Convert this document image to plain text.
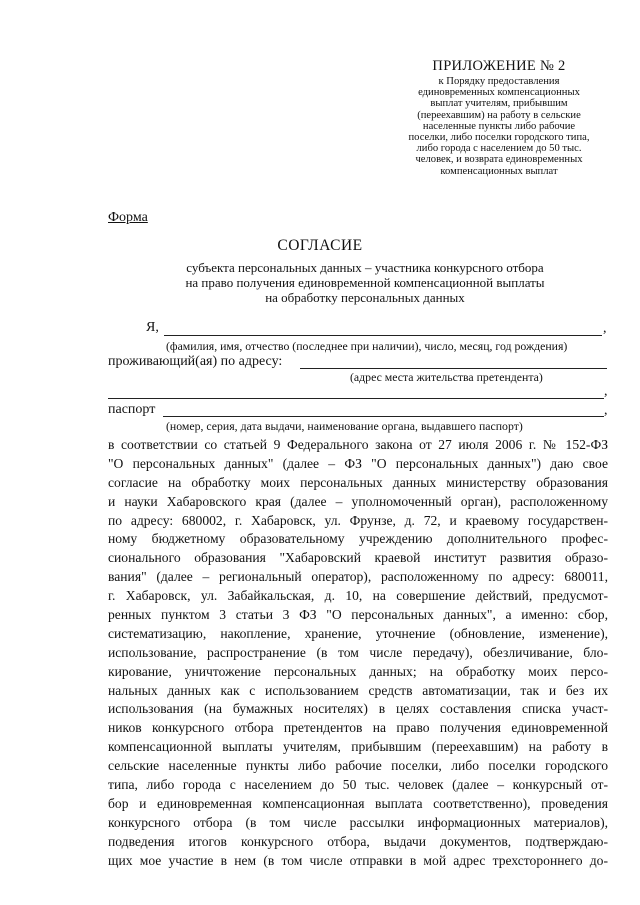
ПРИЛОЖЕНИЕ № 2
к Порядку предоставления
единовременных компенсационных
выплат учителям, прибывшим
(переехавшим) на работу в сельские
населенные пункты либо рабочие
поселки, либо поселки городского типа,
либо города с населением до 50 тыс.
человек, и возврата единовременных
компенсационных выплат
Форма
СОГЛАСИЕ
субъекта персональных данных – участника конкурсного отбора
на право получения единовременной компенсационной выплаты
на обработку персональных данных
Я,	,
(фамилия, имя, отчество (последнее при наличии), число, месяц, год рождения)
проживающий(ая) по адресу:
(адрес места жительства претендента)
,
паспорт	,
(номер, серия, дата выдачи, наименование органа, выдавшего паспорт)
в соответствии со статьей 9 Федерального закона от 27 июля 2006 г. № 152-ФЗ
"О персональных данных" (далее – ФЗ "О персональных данных") даю свое
согласие на обработку моих персональных данных министерству образования
и науки Хабаровского края (далее – уполномоченный орган), расположенному
по адресу: 680002, г. Хабаровск, ул. Фрунзе, д. 72, и краевому государствен-
ному бюджетному образовательному учреждению дополнительного профес-
сионального образования "Хабаровский краевой институт развития образо-
вания" (далее – региональный оператор), расположенному по адресу: 680011,
г. Хабаровск, ул. Забайкальская, д. 10, на совершение действий, предусмот-
ренных пунктом 3 статьи 3 ФЗ "О персональных данных", а именно: сбор,
систематизацию, накопление, хранение, уточнение (обновление, изменение),
использование, распространение (в том числе передачу), обезличивание, бло-
кирование, уничтожение персональных данных; на обработку моих персо-
нальных данных как с использованием средств автоматизации, так и без их
использования (на бумажных носителях) в целях составления списка участ-
ников конкурсного отбора претендентов на право получения единовременной
компенсационной выплаты учителям, прибывшим (переехавшим) на работу в
сельские населенные пункты либо рабочие поселки, либо поселки городского
типа, либо города с населением до 50 тыс. человек (далее – конкурсный от-
бор и единовременная компенсационная выплата соответственно), проведения
конкурсного отбора (в том числе рассылки информационных материалов),
подведения итогов конкурсного отбора, выдачи документов, подтверждаю-
щих мое участие в нем (в том числе отправки в мой адрес трехстороннего до-
